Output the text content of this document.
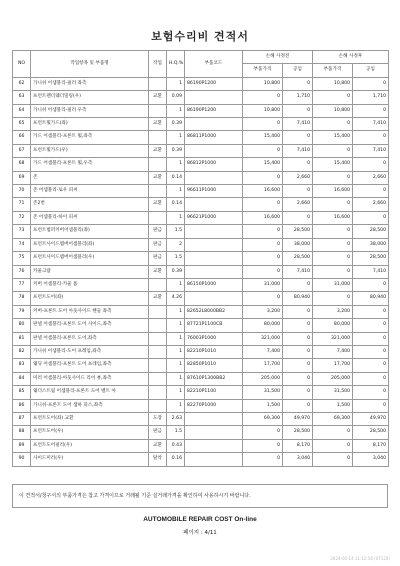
보험수리비 견적서
NO	작업항목 및 부품명	작업	H.Q.%	부품코드	손해 사정전		손해 사정후	
					부품가격	공임	부품가격	공임
62	가니쉬 어셈블리-필러 좌측		1	86190P1200	10,800	0	10,800	0
63	프런트펜더웨더밀링(우)	교환	0.09		0	1,710	0	1,710
64	가니쉬 어셈블리-필러 우측		1	86190P1200	10,800	0	10,800	0
65	프런트휠가드(좌)	교환	0.39		0	7,410	0	7,410
66	가드 어셈블리-프론트 휠,좌측		1	86811P1000	15,400	0	15,400	0
67	프런트휠가드(우)	교환	0.39		0	7,410	0	7,410
68	가드 어셈블리-프론트 휠,우측		1	86812P1000	15,400	0	15,400	0
69	존	교환	0.14		0	2,660	0	2,660
70	존 어셈블리-로우 피씨		1	96611P1000	16,600	0	16,600	0
71	존2번	교환	0.14		0	2,660	0	2,660
72	존 어셈블리-하이 피씨		1	96621P1000	16,600	0	16,600	0
73	프런트범퍼커버어셈블리(좌)	판금	1.5		0	28,500	0	28,500
74	프런트사이드멤버어셈블리(좌)	판금	2		0	38,000	0	38,000
75	프런트사이드멤버어셈블리(우)	판금	1.5		0	28,500	0	28,500
76	카울크랍	교환	0.39		0	7,410	0	7,410
77	커버 어셈블리-카울 톱		1	86150P1000	31,000	0	31,000	0
78	프런트도어(좌)	교환	4.26		0	80,940	0	80,940
79	커버-프론트 도어 아웃사이드 핸들 좌측		1	82652L8000BB2	3,200	0	3,200	0
80	판넬 어셈블리-프론트 도어 사이드,좌측		1	87721P1100CB	80,000	0	80,000	0
81	판넬 어셈블리-프론트 도어,좌측		1	76003P1000	321,000	0	321,000	0
82	가니쉬 어셈블리-도어 프레임,좌측		1	82210P1010	7,400	0	7,400	0
83	웨딩 어셈블리-프론트 도어 프레임,좌측		1	82850P1010	17,700	0	17,700	0
84	미러 어셈블리-아웃사이드 리어 뷰,좌측		1	87610P1300BB2	205,000	0	205,000	0
85	웨더스트립 어셈블리-프론트 도어 벨트 아		1	82210P1100	31,500	0	31,500	0
86	가니쉬-프론트 도어 샘하 피스,좌측		1	82270P1000	1,500	0	1,500	0
87	프런트도어(좌) 교환	도장	2.63		69,300	49,970	69,300	49,970
88	프런트도어(우)	판금	1.5		0	28,500	0	28,500
89	프런트도어필러(우)	교환	0.43		0	8,170	0	8,170
90	사이드미러(우)	탈착	0.16		0	3,040	0	3,040
이 견적서/청구서의 부품가격은 참고 가격이므로 거래될 기준 실거래가격을 확인하여 사용하시기 바랍니다.
AUTOMOBILE REPAIR COST On-line
페이지 : 4/11
2024-00-14 11:12:56 (07120)
